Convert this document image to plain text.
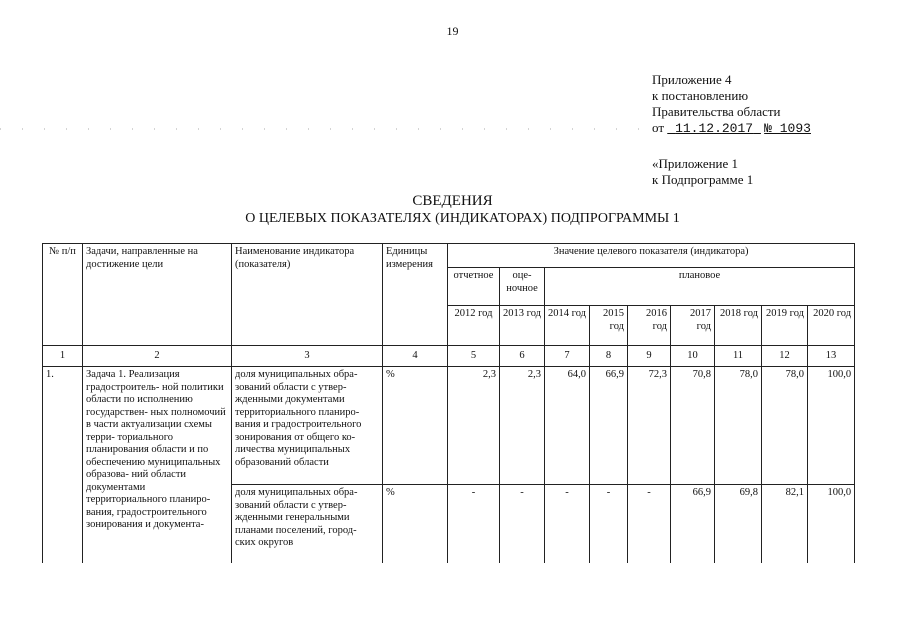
19
Приложение 4
к постановлению
Правительства области
от 11.12.2017 № 1093
«Приложение 1
к Подпрограмме 1
СВЕДЕНИЯ
О ЦЕЛЕВЫХ ПОКАЗАТЕЛЯХ (ИНДИКАТОРАХ) ПОДПРОГРАММЫ 1
№ п/п	Задачи, направленные на достижение цели	Наименование индикатора (показателя)	Единицы измерения	Значение целевого показателя (индикатора)								
				отчетное	оце- ночное	плановое						
				2012 год	2013 год	2014 год	2015 год	2016 год	2017 год	2018 год	2019 год	2020 год
1	2	3	4	5	6	7	8	9	10	11	12	13
1.	Задача 1. Реализация градостроитель- ной политики области по исполнению государствен- ных полномочий в части актуализации схемы терри- ториального планирования области и по обеспечению муниципальных образова- ний области документами территориального планиро- вания, градостроительного зонирования и документа-	доля муниципальных обра- зований области с утвер- жденными документами территориального планиро- вания и градостроительного зонирования от общего ко- личества муниципальных образований области	%	2,3	2,3	64,0	66,9	72,3	70,8	78,0	78,0	100,0
		доля муниципальных обра- зований области с утвер- жденными генеральными планами поселений, город- ских округов	%	-	-	-	-	-	66,9	69,8	82,1	100,0
